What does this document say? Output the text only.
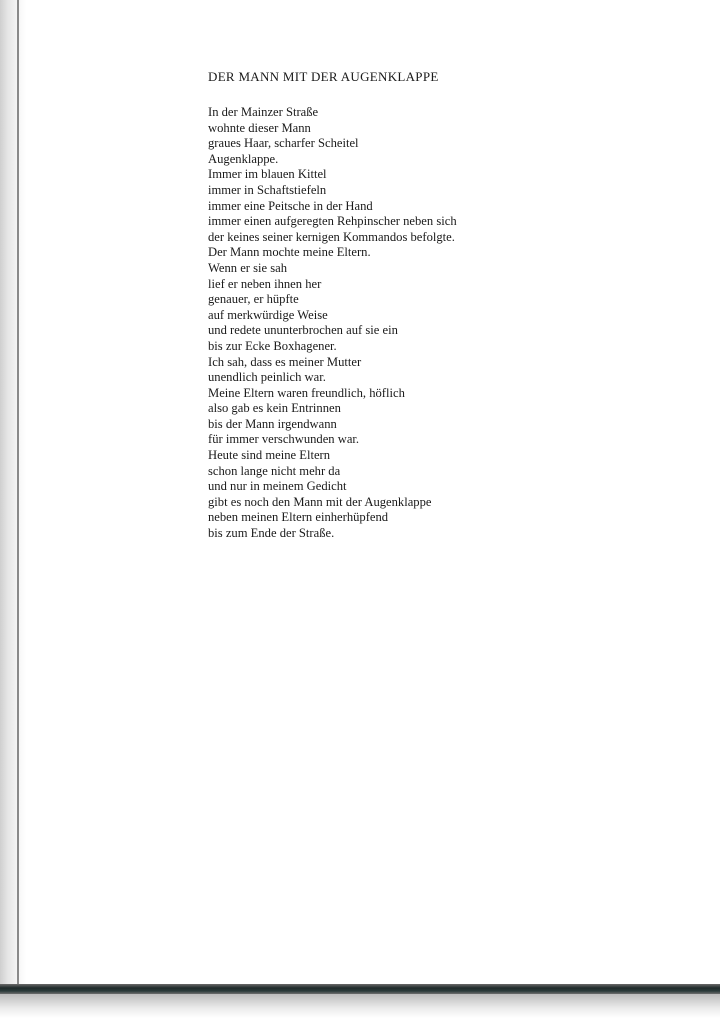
DER MANN MIT DER AUGENKLAPPE
In der Mainzer Straße
wohnte dieser Mann
graues Haar, scharfer Scheitel
Augenklappe.
Immer im blauen Kittel
immer in Schaftstiefeln
immer eine Peitsche in der Hand
immer einen aufgeregten Rehpinscher neben sich
der keines seiner kernigen Kommandos befolgte.
Der Mann mochte meine Eltern.
Wenn er sie sah
lief er neben ihnen her
genauer, er hüpfte
auf merkwürdige Weise
und redete ununterbrochen auf sie ein
bis zur Ecke Boxhagener.
Ich sah, dass es meiner Mutter
unendlich peinlich war.
Meine Eltern waren freundlich, höflich
also gab es kein Entrinnen
bis der Mann irgendwann
für immer verschwunden war.
Heute sind meine Eltern
schon lange nicht mehr da
und nur in meinem Gedicht
gibt es noch den Mann mit der Augenklappe
neben meinen Eltern einherhüpfend
bis zum Ende der Straße.
